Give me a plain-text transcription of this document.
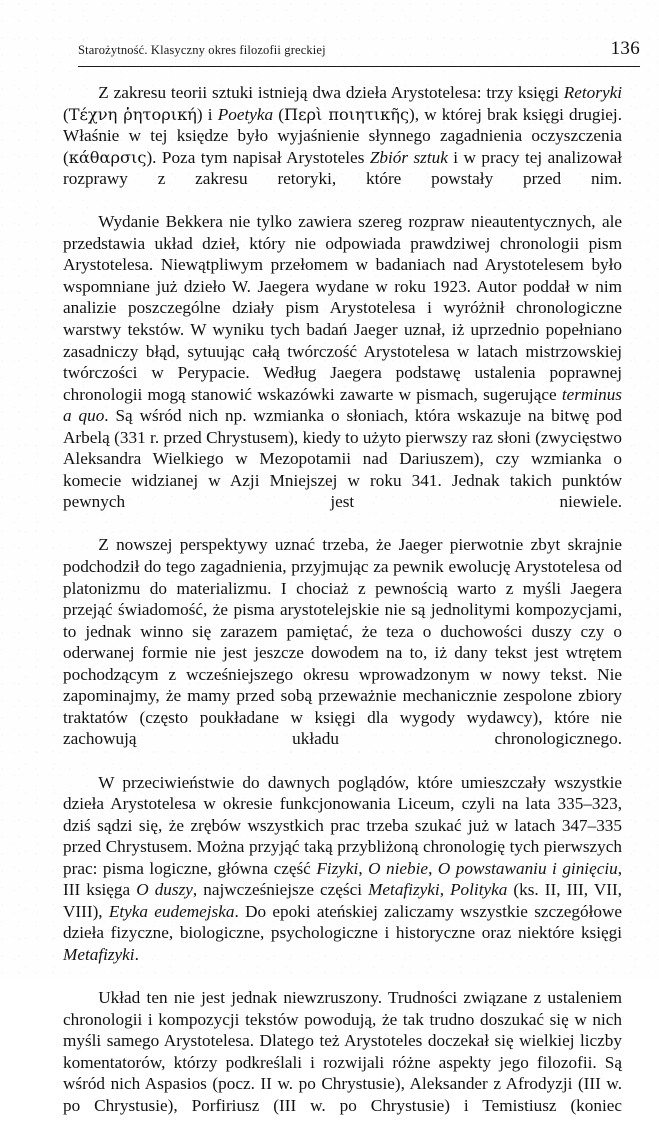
Starożytność. Klasyczny okres filozofii greckiej	136

Z zakresu teorii sztuki istnieją dwa dzieła Arystotelesa: trzy księgi Retoryki (Τέχνη ῥητορική) i Poetyka (Περὶ ποιητικῆς), w której brak księgi drugiej. Właśnie w tej księdze było wyjaśnienie słynnego zagadnienia oczyszczenia (κάθαρσις). Poza tym napisał Arystoteles Zbiór sztuk i w pracy tej analizował rozprawy z zakresu retoryki, które powstały przed nim.

Wydanie Bekkera nie tylko zawiera szereg rozpraw nieautentycznych, ale przedstawia układ dzieł, który nie odpowiada prawdziwej chronologii pism Arystotelesa. Niewątpliwym przełomem w badaniach nad Arystotelesem było wspomniane już dzieło W. Jaegera wydane w roku 1923. Autor poddał w nim analizie poszczególne działy pism Arystotelesa i wyróżnił chronologiczne warstwy tekstów. W wyniku tych badań Jaeger uznał, iż uprzednio popełniano zasadniczy błąd, sytuując całą twórczość Arystotelesa w latach mistrzowskiej twórczości w Perypacie. Według Jaegera podstawę ustalenia poprawnej chronologii mogą stanowić wskazówki zawarte w pismach, sugerujące terminus a quo. Są wśród nich np. wzmianka o słoniach, która wskazuje na bitwę pod Arbelą (331 r. przed Chrystusem), kiedy to użyto pierwszy raz słoni (zwycięstwo Aleksandra Wielkiego w Mezopotamii nad Dariuszem), czy wzmianka o komecie widzianej w Azji Mniejszej w roku 341. Jednak takich punktów pewnych jest niewiele.

Z nowszej perspektywy uznać trzeba, że Jaeger pierwotnie zbyt skrajnie podchodził do tego zagadnienia, przyjmując za pewnik ewolucję Arystotelesa od platonizmu do materializmu. I chociaż z pewnością warto z myśli Jaegera przejąć świadomość, że pisma arystotelejskie nie są jednolitymi kompozycjami, to jednak winno się zarazem pamiętać, że teza o duchowości duszy czy o oderwanej formie nie jest jeszcze dowodem na to, iż dany tekst jest wtrętem pochodzącym z wcześniejszego okresu wprowadzonym w nowy tekst. Nie zapominajmy, że mamy przed sobą przeważnie mechanicznie zespolone zbiory traktatów (często poukładane w księgi dla wygody wydawcy), które nie zachowują układu chronologicznego.

W przeciwieństwie do dawnych poglądów, które umieszczały wszystkie dzieła Arystotelesa w okresie funkcjonowania Liceum, czyli na lata 335–323, dziś sądzi się, że zrębów wszystkich prac trzeba szukać już w latach 347–335 przed Chrystusem. Można przyjąć taką przybliżoną chronologię tych pierwszych prac: pisma logiczne, główna część Fizyki, O niebie, O powstawaniu i ginięciu, III księga O duszy, najwcześniejsze części Metafizyki, Polityka (ks. II, III, VII, VIII), Etyka eudemejska. Do epoki ateńskiej zaliczamy wszystkie szczegółowe dzieła fizyczne, biologiczne, psychologiczne i historyczne oraz niektóre księgi Metafizyki.

Układ ten nie jest jednak niewzruszony. Trudności związane z ustaleniem chronologii i kompozycji tekstów powodują, że tak trudno doszukać się w nich myśli samego Arystotelesa. Dlatego też Arystoteles doczekał się wielkiej liczby komentatorów, którzy podkreślali i rozwijali różne aspekty jego filozofii. Są wśród nich Aspasios (pocz. II w. po Chrystusie), Aleksander z Afrodyzji (III w. po Chrystusie), Porfiriusz (III w. po Chrystusie) i Temistiusz (koniec
